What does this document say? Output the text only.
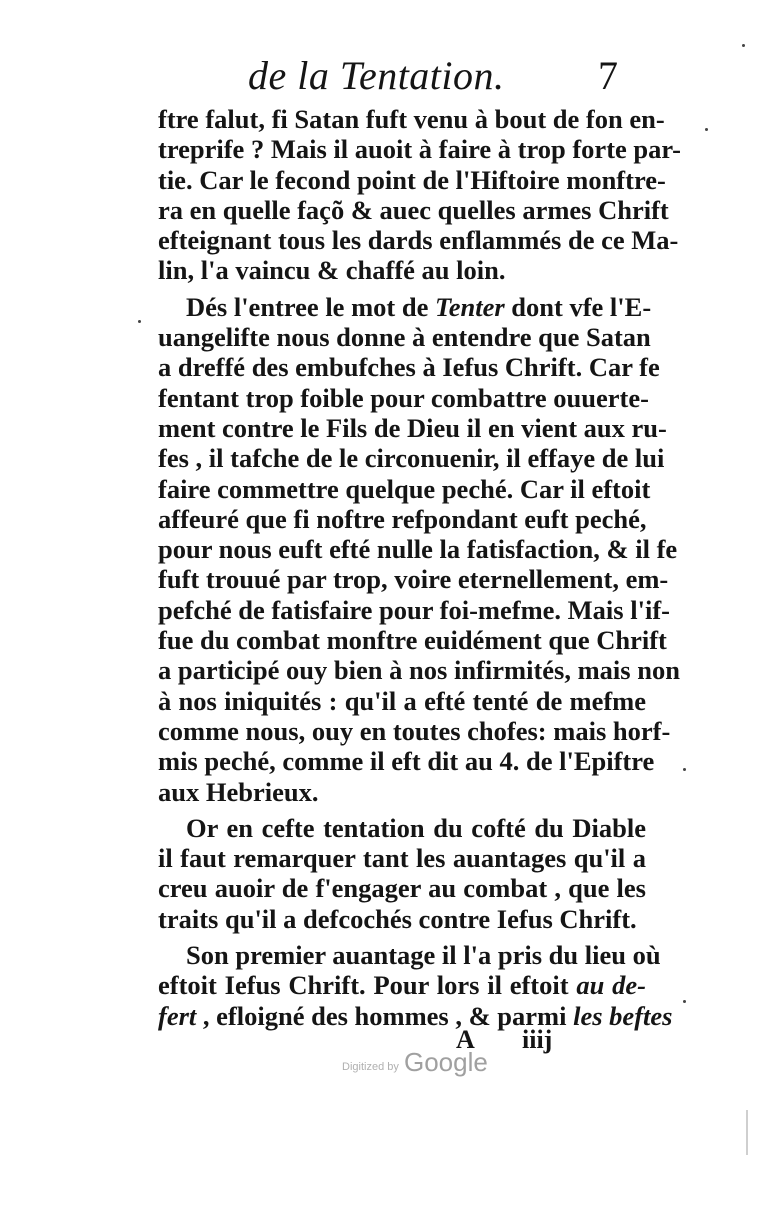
de la Tentation. 7
ftre falut, fi Satan fuft venu à bout de fon en-
treprife ? Mais il auoit à faire à trop forte par-
tie. Car le fecond point de l'Hiftoire monftre-
ra en quelle façõ & auec quelles armes Chrift
efteignant tous les dards enflammés de ce Ma-
lin, l'a vaincu & chaffé au loin.
Dés l'entree le mot de Tenter dont vfe l'E-
uangelifte nous donne à entendre que Satan
a dreffé des embufches à Iefus Chrift. Car fe
fentant trop foible pour combattre ouuerte-
ment contre le Fils de Dieu il en vient aux ru-
fes , il tafche de le circonuenir, il effaye de lui
faire commettre quelque peché. Car il eftoit
affeuré que fi noftre refpondant euft peché,
pour nous euft efté nulle la fatisfaction, & il fe
fuft trouué par trop, voire eternellement, em-
pefché de fatisfaire pour foi-mefme. Mais l'if-
fue du combat monftre euidément que Chrift
a participé ouy bien à nos infirmités, mais non
à nos iniquités : qu'il a efté tenté de mefme
comme nous, ouy en toutes chofes: mais horf-
mis peché, comme il eft dit au 4. de l'Epiftre
aux Hebrieux.
Or en cefte tentation du cofté du Diable
il faut remarquer tant les auantages qu'il a
creu auoir de f'engager au combat , que les
traits qu'il a defcochés contre Iefus Chrift.
Son premier auantage il l'a pris du lieu où
eftoit Iefus Chrift. Pour lors il eftoit au de-
fert , efloigné des hommes , & parmi les beftes
A iiij
Digitized by Google
